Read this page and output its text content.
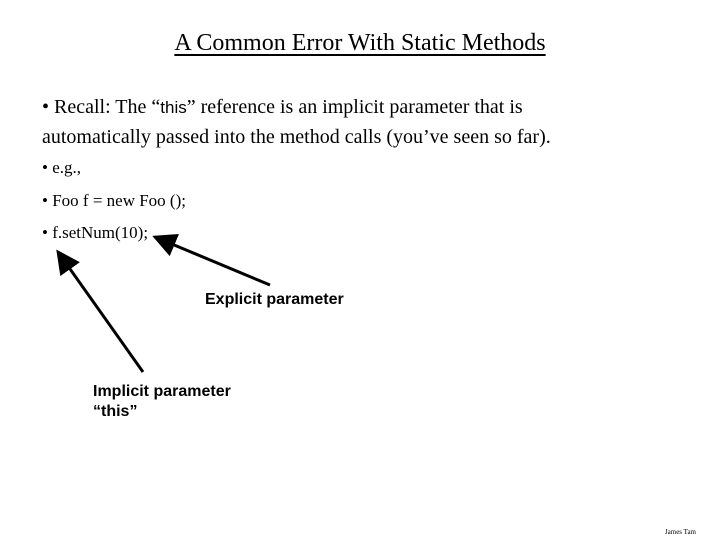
A Common Error With Static Methods
• Recall: The “this” reference is an implicit parameter that is
automatically passed into the method calls (you’ve seen so far).
• e.g.,
• Foo f = new Foo ();
• f.setNum(10);
Explicit parameter
Implicit parameter
“this”
James Tam
